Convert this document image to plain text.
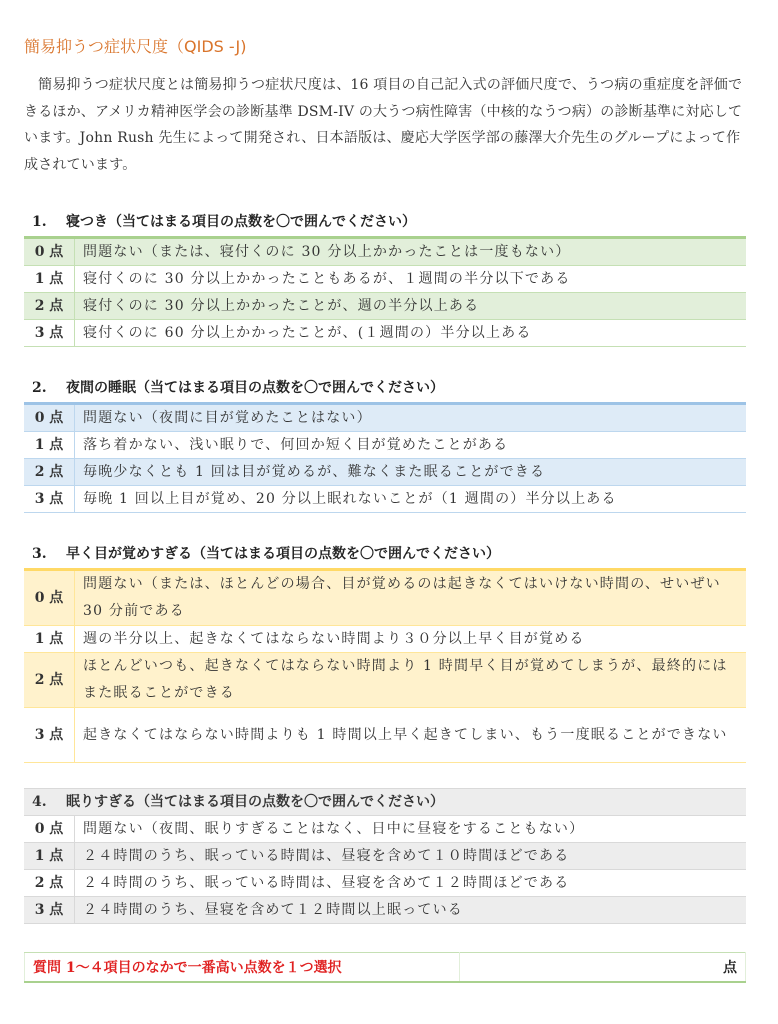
簡易抑うつ症状尺度（QIDS -J)

簡易抑うつ症状尺度とは簡易抑うつ症状尺度は、16 項目の自己記入式の評価尺度で、うつ病の重症度を評価できるほか、アメリカ精神医学会の診断基準 DSM-IV の大うつ病性障害（中核的なうつ病）の診断基準に対応しています。John Rush 先生によって開発され、日本語版は、慶応大学医学部の藤澤大介先生のグループによって作成されています。

1. 寝つき（当てはまる項目の点数を〇で囲んでください）
0 点	問題ない（または、寝付くのに 30 分以上かかったことは一度もない）
1 点	寝付くのに 30 分以上かかったこともあるが、１週間の半分以下である
2 点	寝付くのに 30 分以上かかったことが、週の半分以上ある
3 点	寝付くのに 60 分以上かかったことが、(１週間の）半分以上ある
2. 夜間の睡眠（当てはまる項目の点数を〇で囲んでください）
0 点	問題ない（夜間に目が覚めたことはない）
1 点	落ち着かない、浅い眠りで、何回か短く目が覚めたことがある
2 点	毎晩少なくとも 1 回は目が覚めるが、難なくまた眠ることができる
3 点	毎晩 1 回以上目が覚め、20 分以上眠れないことが（1 週間の）半分以上ある
3. 早く目が覚めすぎる（当てはまる項目の点数を〇で囲んでください）
0 点	問題ない（または、ほとんどの場合、目が覚めるのは起きなくてはいけない時間の、せいぜい 30 分前である
1 点	週の半分以上、起きなくてはならない時間より３０分以上早く目が覚める
2 点	ほとんどいつも、起きなくてはならない時間より 1 時間早く目が覚めてしまうが、最終的にはまた眠ることができる
3 点	起きなくてはならない時間よりも 1 時間以上早く起きてしまい、もう一度眠ることができない
4. 眠りすぎる（当てはまる項目の点数を〇で囲んでください）	
0 点	問題ない（夜間、眠りすぎることはなく、日中に昼寝をすることもない）
1 点	２４時間のうち、眠っている時間は、昼寝を含めて１０時間ほどである
2 点	２４時間のうち、眠っている時間は、昼寝を含めて１２時間ほどである
3 点	２４時間のうち、昼寝を含めて１２時間以上眠っている
質問 1～４項目のなかで一番高い点数を１つ選択	点
